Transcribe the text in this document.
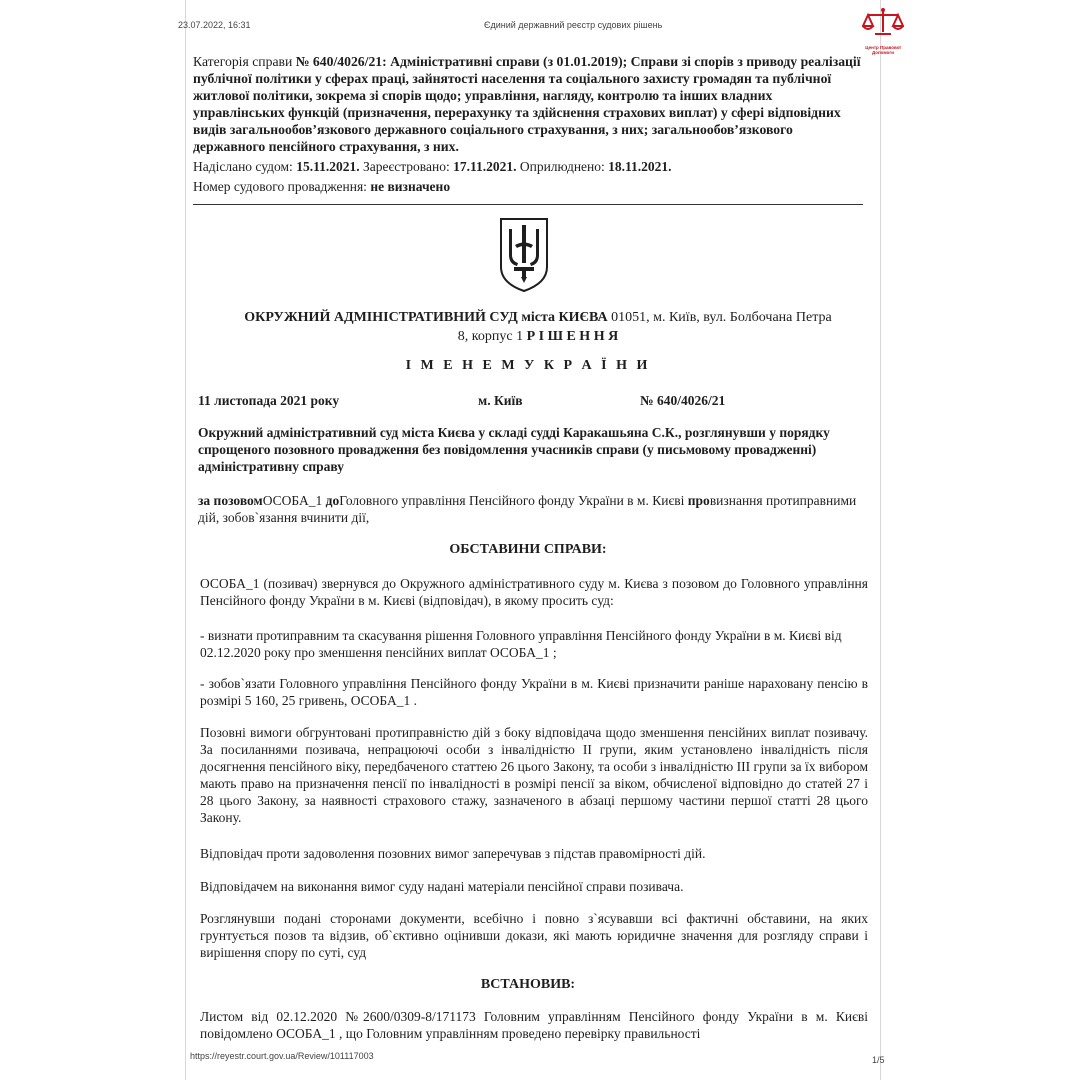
23.07.2022, 16:31	Єдиний державний реєстр судових рішень
Центр Правової Допомоги
Категорія справи № 640/4026/21: Адміністративні справи (з 01.01.2019); Справи зі спорів з приводу реалізації публічної політики у сферах праці, зайнятості населення та соціального захисту громадян та публічної житлової політики, зокрема зі спорів щодо; управління, нагляду, контролю та інших владних управлінських функцій (призначення, перерахунку та здійснення страхових виплат) у сфері відповідних видів загальнообов’язкового державного соціального страхування, з них; загальнообов’язкового державного пенсійного страхування, з них.
Надіслано судом: 15.11.2021. Зареєстровано: 17.11.2021. Оприлюднено: 18.11.2021.
Номер судового провадження: не визначено
ОКРУЖНИЙ АДМІНІСТРАТИВНИЙ СУД міста КИЄВА 01051, м. Київ, вул. Болбочана Петра
8, корпус 1 Р І Ш Е Н Н Я
І М Е Н Е М У К Р А Ї Н И
11 листопада 2021 року	м. Київ	№ 640/4026/21
Окружний адміністративний суд міста Києва у складі судді Каракашьяна С.К., розглянувши у порядку спрощеного позовного провадження без повідомлення учасників справи (у письмовому провадженні) адміністративну справу
за позовомОСОБА_1 доГоловного управління Пенсійного фонду України в м. Києві провизнання протиправними дій, зобов`язання вчинити дії,
ОБСТАВИНИ СПРАВИ:
ОСОБА_1 (позивач) звернувся до Окружного адміністративного суду м. Києва з позовом до Головного управління Пенсійного фонду України в м. Києві (відповідач), в якому просить суд:
- визнати протиправним та скасування рішення Головного управління Пенсійного фонду України в м. Києві від 02.12.2020 року про зменшення пенсійних виплат ОСОБА_1 ;
- зобов`язати Головного управління Пенсійного фонду України в м. Києві призначити раніше нараховану пенсію в розмірі 5 160, 25 гривень, ОСОБА_1 .
Позовні вимоги обгрунтовані протиправністю дій з боку відповідача щодо зменшення пенсійних виплат позивачу. За посиланнями позивача, непрацюючі особи з інвалідністю ІІ групи, яким установлено інвалідність після досягнення пенсійного віку, передбаченого статтею 26 цього Закону, та особи з інвалідністю ІІІ групи за їх вибором мають право на призначення пенсії по інвалідності в розмірі пенсії за віком, обчисленої відповідно до статей 27 і 28 цього Закону, за наявності страхового стажу, зазначеного в абзаці першому частини першої статті 28 цього Закону.
Відповідач проти задоволення позовних вимог заперечував з підстав правомірності дій.
Відповідачем на виконання вимог суду надані матеріали пенсійної справи позивача.
Розглянувши подані сторонами документи, всебічно і повно з`ясувавши всі фактичні обставини, на яких грунтується позов та відзив, об`єктивно оцінивши докази, які мають юридичне значення для розгляду справи і вирішення спору по суті, суд
ВСТАНОВИВ:
Листом від 02.12.2020 №2600/0309-8/171173 Головним управлінням Пенсійного фонду України в м. Києві повідомлено ОСОБА_1 , що Головним управлінням проведено перевірку правильності
https://reyestr.court.gov.ua/Review/101117003	1/5
